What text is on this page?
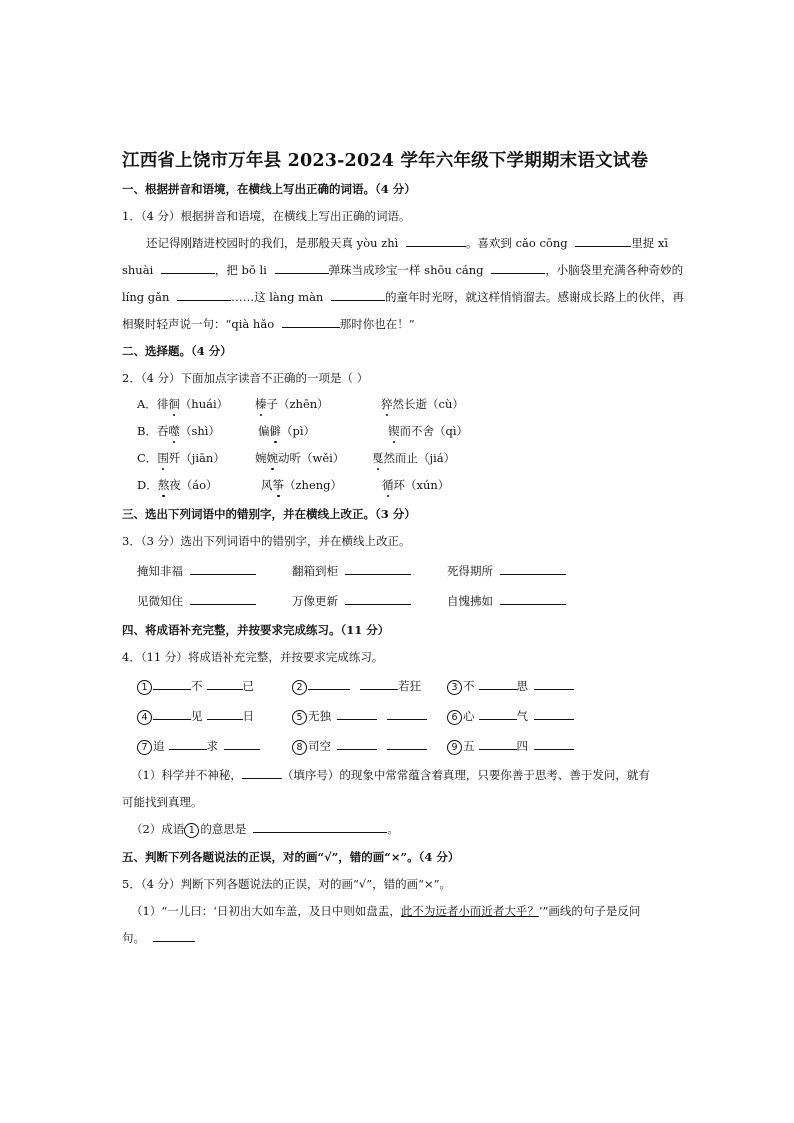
江西省上饶市万年县 2023-2024 学年六年级下学期期末语文试卷
一、根据拼音和语境，在横线上写出正确的词语。（4 分）
1．（4 分）根据拼音和语境，在横线上写出正确的词语。
还记得刚踏进校园时的我们，是那般天真 yòu zhì	。喜欢到 cǎo cōng	里捉 xī
shuài	，把 bō li	弹珠当成珍宝一样 shōu cáng	，小脑袋里充满各种奇妙的
líng gǎn	……这 làng màn	的童年时光呀，就这样悄悄溜去。感谢成长路上的伙伴，再
相聚时轻声说一句：“qià hǎo	那时你也在！”
二、选择题。（4 分）
2．（4 分）下面加点字读音不正确的一项是（ ）
A．徘徊（huái） 榛子（zhēn）	猝然长逝（cù）
B．吞噬（shì）	偏僻（pì）	锲而不舍（qì）
C．围歼（jiān）	婉婉动听（wěi） 戛然而止（jiá）
D．熬夜（áo）	风筝（zheng）	循环（xún）
三、选出下列词语中的错别字，并在横线上改正。（3 分）
3．（3 分）选出下列词语中的错别字，并在横线上改正。
掩知非福	翻箱到柜	死得期所
见微知住	万像更新	自愧拂如
四、将成语补充完整，并按要求完成练习。（11 分）
4．（11 分）将成语补充完整，并按要求完成练习。
1	不	已	2	若狂	3 不	思
4	见	日	5 无独	6 心	气
7 追	求	8 司空	9 五	四
（1）科学并不神秘，	（填序号）的现象中常常蕴含着真理，只要你善于思考、善于发问，就有
可能找到真理。
（2）成语 1 的意思是	。
五、判断下列各题说法的正误，对的画“√”，错的画“×”。（4 分）
5．（4 分）判断下列各题说法的正误，对的画“√”，错的画“×”。
（1）“一儿曰：‘日初出大如车盖，及日中则如盘盂，此不为远者小而近者大乎？’”画线的句子是反问
句。
